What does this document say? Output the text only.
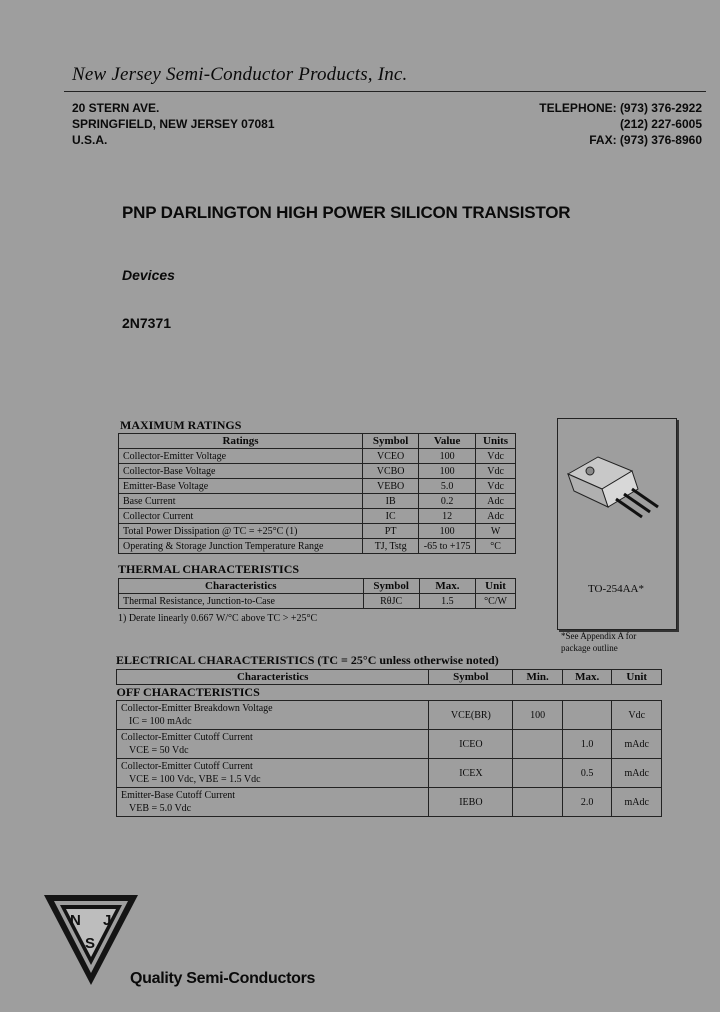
New Jersey Semi-Conductor Products, Inc.
20 STERN AVE.
SPRINGFIELD, NEW JERSEY 07081
U.S.A.
TELEPHONE: (973) 376-2922
(212) 227-6005
FAX: (973) 376-8960
PNP DARLINGTON HIGH POWER SILICON TRANSISTOR
Devices
2N7371
MAXIMUM RATINGS
Ratings	Symbol	Value	Units
Collector-Emitter Voltage	VCEO	100	Vdc
Collector-Base Voltage	VCBO	100	Vdc
Emitter-Base Voltage	VEBO	5.0	Vdc
Base Current	IB	0.2	Adc
Collector Current	IC	12	Adc
Total Power Dissipation @ TC = +25°C (1)	PT	100	W
Operating & Storage Junction Temperature Range	TJ, Tstg	-65 to +175	°C
THERMAL CHARACTERISTICS
Characteristics	Symbol	Max.	Unit
Thermal Resistance, Junction-to-Case	RθJC	1.5	°C/W
1) Derate linearly 0.667 W/°C above TC > +25°C
TO-254AA*
*See Appendix A for
package outline
ELECTRICAL CHARACTERISTICS (TC = 25°C unless otherwise noted)
Characteristics	Symbol	Min.	Max.	Unit
OFF CHARACTERISTICS				

Collector-Emitter Breakdown Voltage
IC = 100 mAdc	VCE(BR)	100		Vdc

Collector-Emitter Cutoff Current
VCE = 50 Vdc	ICEO		1.0	mAdc

Collector-Emitter Cutoff Current
VCE = 100 Vdc, VBE = 1.5 Vdc	ICEX		0.5	mAdc

Emitter-Base Cutoff Current
VEB = 5.0 Vdc	IEBO		2.0	mAdc
N J
S
Quality Semi-Conductors
